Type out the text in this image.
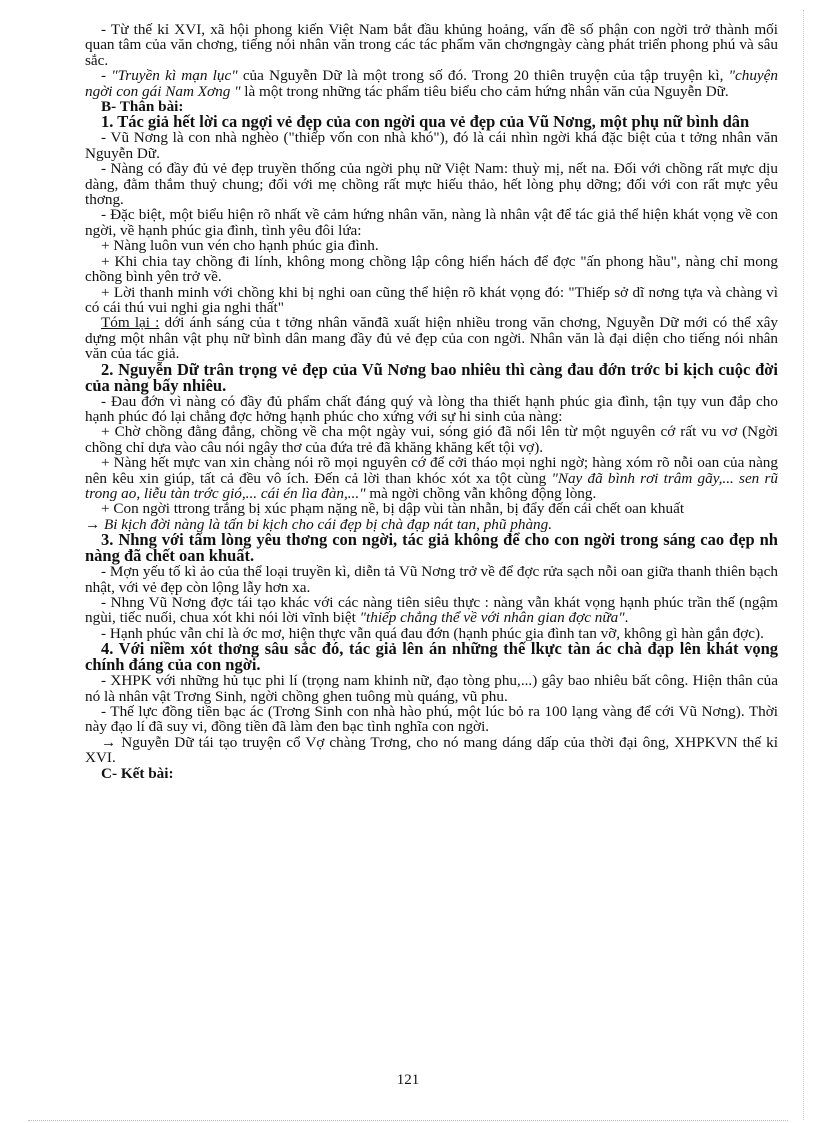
- Từ thế kỉ XVI, xã hội phong kiến Việt Nam bắt đầu khủng hoảng, vấn đề số phận con ngời trở thành mối quan tâm của văn chơng, tiếng nói nhân văn trong các tác phẩm văn chơngngày càng phát triển phong phú và sâu sắc.

- "Truyền kì mạn lục" của Nguyễn Dữ là một trong số đó. Trong 20 thiên truyện của tập truyện kì, "chuyện ngời con gái Nam Xơng " là một trong những tác phẩm tiêu biểu cho cảm hứng nhân văn của Nguyễn Dữ.

B- Thân bài:

1. Tác giả hết lời ca ngợi vẻ đẹp của con ngời qua vẻ đẹp của Vũ Nơng, một phụ nữ bình dân

- Vũ Nơng là con nhà nghèo ("thiếp vốn con nhà khó"), đó là cái nhìn ngời khá đặc biệt của t tởng nhân văn Nguyễn Dữ.

- Nàng có đầy đủ vẻ đẹp truyền thống của ngời phụ nữ Việt Nam: thuỳ mị, nết na. Đối với chồng rất mực dịu dàng, đằm thắm thuỷ chung; đối với mẹ chồng rất mực hiếu thảo, hết lòng phụ dỡng; đối với con rất mực yêu thơng.

- Đặc biệt, một biểu hiện rõ nhất về cảm hứng nhân văn, nàng là nhân vật để tác giả thể hiện khát vọng về con ngời, về hạnh phúc gia đình, tình yêu đôi lứa:

+ Nàng luôn vun vén cho hạnh phúc gia đình.

+ Khi chia tay chồng đi lính, không mong chồng lập công hiển hách để đợc "ấn phong hầu", nàng chỉ mong chồng bình yên trở về.

+ Lời thanh minh với chồng khi bị nghi oan cũng thể hiện rõ khát vọng đó: "Thiếp sở dĩ nơng tựa và chàng vì có cái thú vui nghi gia nghi thất"

Tóm lại : dới ánh sáng của t tởng nhân vănđã xuất hiện nhiều trong văn chơng, Nguyễn Dữ mới có thể xây dựng một nhân vật phụ nữ bình dân mang đầy đủ vẻ đẹp của con ngời. Nhân văn là đại diện cho tiếng nói nhân văn của tác giả.

2. Nguyễn Dữ trân trọng vẻ đẹp của Vũ Nơng bao nhiêu thì càng đau đớn trớc bi kịch cuộc đời của nàng bấy nhiêu.

- Đau đớn vì nàng có đầy đủ phẩm chất đáng quý và lòng tha thiết hạnh phúc gia đình, tận tụy vun đắp cho hạnh phúc đó lại chẳng đợc hởng hạnh phúc cho xứng với sự hi sinh của nàng:

+ Chờ chồng đằng đẳng, chồng về cha một ngày vui, sóng gió đã nổi lên từ một nguyên cớ rất vu vơ (Ngời chồng chỉ dựa vào câu nói ngây thơ của đứa trẻ đã khăng khăng kết tội vợ).

+ Nàng hết mực van xin chàng nói rõ mọi nguyên cớ để cởi tháo mọi nghi ngờ; hàng xóm rõ nỗi oan của nàng nên kêu xin giúp, tất cả đều vô ích. Đến cả lời than khóc xót xa tột cùng "Nay đã bình rơi trâm gãy,... sen rũ trong ao, liễu tàn trớc gió,... cái én lìa đàn,..." mà ngời chồng vẫn không động lòng.

+ Con ngời ttrong trắng bị xúc phạm nặng nề, bị dập vùi tàn nhẫn, bị đẩy đến cái chết oan khuất

→ Bi kịch đời nàng là tấn bi kịch cho cái đẹp bị chà đạp nát tan, phũ phàng.

3. Nhng với tấm lòng yêu thơng con ngời, tác giả không để cho con ngời trong sáng cao đẹp nh nàng đã chết oan khuất.

- Mợn yếu tố kì ảo của thể loại truyền kì, diễn tả Vũ Nơng trở về để đợc rửa sạch nỗi oan giữa thanh thiên bạch nhật, với vẻ đẹp còn lộng lẫy hơn xa.

- Nhng Vũ Nơng đợc tái tạo khác với các nàng tiên siêu thực : nàng vẫn khát vọng hạnh phúc trần thế (ngậm ngùi, tiếc nuối, chua xót khi nói lời vĩnh biệt "thiếp chẳng thể về với nhân gian đợc nữa".

- Hạnh phúc vẫn chỉ là ớc mơ, hiện thực vẫn quá đau đớn (hạnh phúc gia đình tan vỡ, không gì hàn gắn đợc).

4. Với niềm xót thơng sâu sắc đó, tác giả lên án những thế lkực tàn ác chà đạp lên khát vọng chính đáng của con ngời.

- XHPK với những hủ tục phi lí (trọng nam khinh nữ, đạo tòng phu,...) gây bao nhiêu bất công. Hiện thân của nó là nhân vật Trơng Sinh, ngời chồng ghen tuông mù quáng, vũ phu.

- Thế lực đồng tiền bạc ác (Trơng Sinh con nhà hào phú, một lúc bỏ ra 100 lạng vàng để cới Vũ Nơng). Thời này đạo lí đã suy vi, đồng tiền đã làm đen bạc tình nghĩa con ngời.

→ Nguyễn Dữ tái tạo truyện cổ Vợ chàng Trơng, cho nó mang dáng dấp của thời đại ông, XHPKVN thế kỉ XVI.

C- Kết bài:

121
